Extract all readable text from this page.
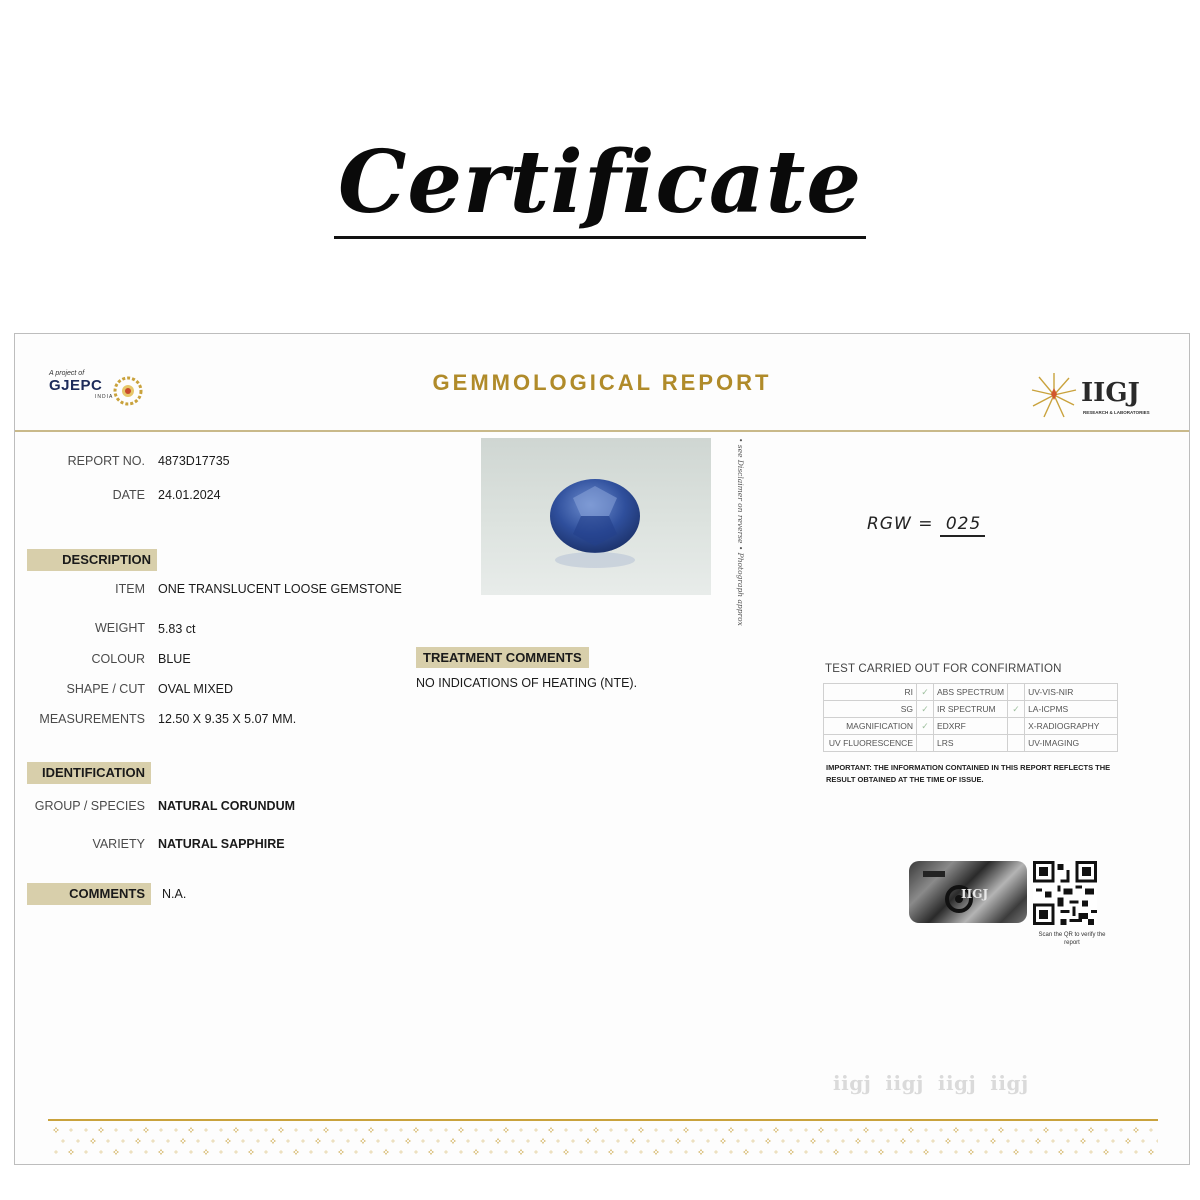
Certificate
A project of
GJEPC
INDIA
GEMMOLOGICAL REPORT	IIGJ
RESEARCH & LABORATORIES
REPORT NO. 4873D17735
DATE 24.01.2024
DESCRIPTION
ITEM ONE TRANSLUCENT LOOSE GEMSTONE
WEIGHT 5.83 ct
COLOUR BLUE
SHAPE / CUT OVAL MIXED
MEASUREMENTS 12.50 X 9.35 X 5.07 MM.
IDENTIFICATION
GROUP / SPECIES NATURAL CORUNDUM
VARIETY NATURAL SAPPHIRE
COMMENTS	N.A.
• see Disclaimer on reverse • Photograph approx	RGW = 025
TREATMENT COMMENTS
NO INDICATIONS OF HEATING (NTE).
TEST CARRIED OUT FOR CONFIRMATION
RI	✓	ABS SPECTRUM		UV-VIS-NIR
SG	✓	IR SPECTRUM	✓	LA-ICPMS
MAGNIFICATION	✓	EDXRF		X-RADIOGRAPHY
UV FLUORESCENCE		LRS		UV-IMAGING
IMPORTANT: THE INFORMATION CONTAINED IN THIS REPORT REFLECTS THE RESULT OBTAINED AT THE TIME OF ISSUE.
IIGJ
Scan the QR to verify the report
iigj iigj iigj iigj
